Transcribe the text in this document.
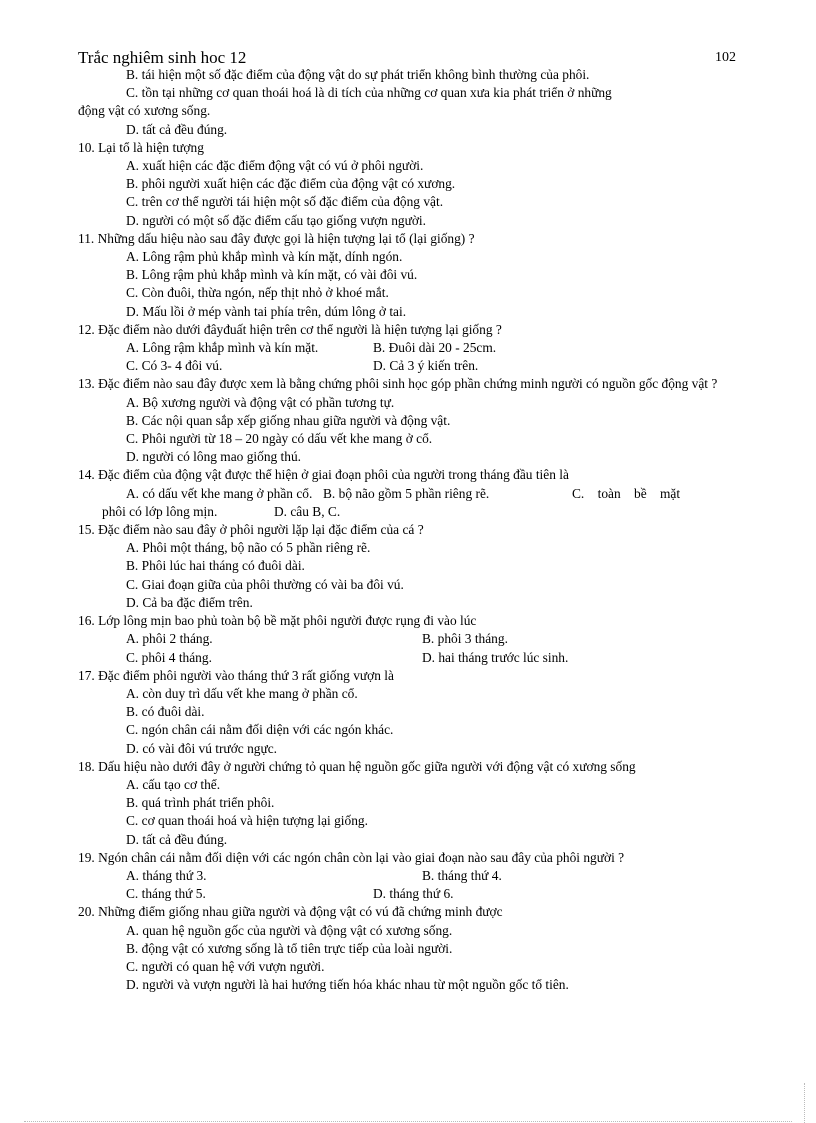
Trắc nghiêm sinh hoc 12	102
B. tái hiện một số đặc điểm của động vật do sự phát triển không bình thường của phôi.
C. tồn tại những cơ quan thoái hoá là di tích của những cơ quan xưa kia phát triển ở những
động vật có xương sống.
D. tất cả đều đúng.
10. Lại tổ là hiện tượng
A. xuất hiện các đặc điểm động vật có vú ở phôi người.
B. phôi người xuất hiện các đặc điểm của động vật có xương.
C. trên cơ thể người tái hiện một số đặc điểm của động vật.
D. người có một số đặc điểm cấu tạo giống vượn người.
11. Những dấu hiệu nào sau đây được gọi là hiện tượng lại tổ (lại giống) ?
A. Lông rậm phủ khắp mình và kín mặt, dính ngón.
B. Lông rậm phủ khắp mình và kín mặt, có vài đôi vú.
C. Còn đuôi, thừa ngón, nếp thịt nhỏ ở khoé mắt.
D. Mấu lồi ở mép vành tai phía trên, dúm lông ở tai.
12. Đặc điểm nào dưới đâyđuất hiện trên cơ thể người là hiện tượng lại giống ?
A. Lông rậm khắp mình và kín mặt.	B. Đuôi dài 20 - 25cm.
C. Có 3- 4 đôi vú.	D. Cả 3 ý kiến trên.
13. Đặc điểm nào sau đây được xem là bằng chứng phôi sinh học góp phần chứng minh người có nguồn gốc động vật ?
A. Bộ xương người và động vật có phần tương tự.
B. Các nội quan sắp xếp giống nhau giữa người và động vật.
C. Phôi người từ 18 – 20 ngày có dấu vết khe mang ở cổ.
D. người có lông mao giống thú.
14. Đặc điểm của động vật được thể hiện ở giai đoạn phôi của người trong tháng đầu tiên là
A. có dấu vết khe mang ở phần cổ. B. bộ não gồm 5 phần riêng rẽ.	C. toàn bề mặt
phôi có lớp lông mịn.	D. câu B, C.
15. Đặc điểm nào sau đây ở phôi người lặp lại đặc điểm của cá ?
A. Phôi một tháng, bộ não có 5 phần riêng rẽ.
B. Phôi lúc hai tháng có đuôi dài.
C. Giai đoạn giữa của phôi thường có vài ba đôi vú.
D. Cả ba đặc điểm trên.
16. Lớp lông mịn bao phủ toàn bộ bề mặt phôi người được rụng đi vào lúc
A. phôi 2 tháng.	B. phôi 3 tháng.
C. phôi 4 tháng.	D. hai tháng trước lúc sinh.
17. Đặc điểm phôi người vào tháng thứ 3 rất giống vượn là
A. còn duy trì dấu vết khe mang ở phần cổ.
B. có đuôi dài.
C. ngón chân cái nằm đối diện với các ngón khác.
D. có vài đôi vú trước ngực.
18. Dấu hiệu nào dưới đây ở người chứng tỏ quan hệ nguồn gốc giữa người với động vật có xương sống
A. cấu tạo cơ thể.
B. quá trình phát triển phôi.
C. cơ quan thoái hoá và hiện tượng lại giống.
D. tất cả đều đúng.
19. Ngón chân cái nằm đối diện với các ngón chân còn lại vào giai đoạn nào sau đây của phôi người ?
A. tháng thứ 3.	B. tháng thứ 4.
C. tháng thứ 5.	D. tháng thứ 6.
20. Những điểm giống nhau giữa người và động vật có vú đã chứng minh được
A. quan hệ nguồn gốc của người và động vật có xương sống.
B. động vật có xương sống là tổ tiên trực tiếp của loài người.
C. người có quan hệ với vượn người.
D. người và vượn người là hai hướng tiến hóa khác nhau từ một nguồn gốc tổ tiên.
